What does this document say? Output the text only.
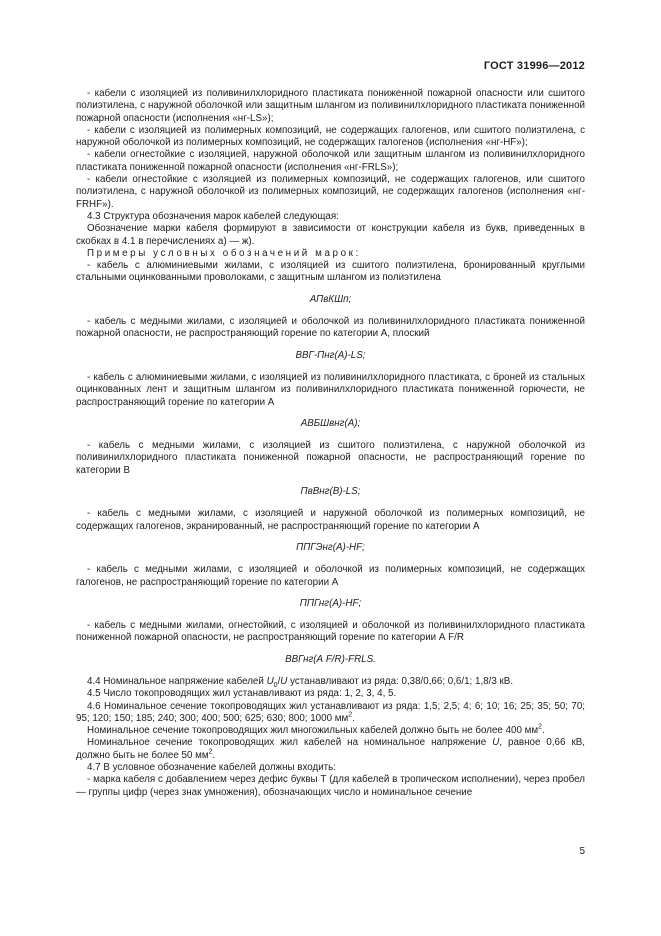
ГОСТ 31996—2012

- кабели с изоляцией из поливинилхлоридного пластиката пониженной пожарной опасности или сшитого полиэтилена, с наружной оболочкой или защитным шлангом из поливинилхлоридного пластиката пониженной пожарной опасности (исполнения «нг-LS»);

- кабели с изоляцией из полимерных композиций, не содержащих галогенов, или сшитого полиэтилена, с наружной оболочкой из полимерных композиций, не содержащих галогенов (исполнения «нг-HF»);

- кабели огнестойкие с изоляцией, наружной оболочкой или защитным шлангом из поливинилхлоридного пластиката пониженной пожарной опасности (исполнения «нг-FRLS»);

- кабели огнестойкие с изоляцией из полимерных композиций, не содержащих галогенов, или сшитого полиэтилена, с наружной оболочкой из полимерных композиций, не содержащих галогенов (исполнения «нг-FRHF»).

4.3 Структура обозначения марок кабелей следующая:

Обозначение марки кабеля формируют в зависимости от конструкции кабеля из букв, приведенных в скобках в 4.1 в перечислениях а) — ж).

Примеры условных обозначений марок:

- кабель с алюминиевыми жилами, с изоляцией из сшитого полиэтилена, бронированный круглыми стальными оцинкованными проволоками, с защитным шлангом из полиэтилена

АПвКШп;

- кабель с медными жилами, с изоляцией и оболочкой из поливинилхлоридного пластиката пониженной пожарной опасности, не распространяющий горение по категории А, плоский

ВВГ-Пнг(А)-LS;

- кабель с алюминиевыми жилами, с изоляцией из поливинилхлоридного пластиката, с броней из стальных оцинкованных лент и защитным шлангом из поливинилхлоридного пластиката пониженной горючести, не распространяющий горение по категории А

АВБШвнг(А);

- кабель с медными жилами, с изоляцией из сшитого полиэтилена, с наружной оболочкой из поливинилхлоридного пластиката пониженной пожарной опасности, не распространяющий горение по категории В

ПвВнг(В)-LS;

- кабель с медными жилами, с изоляцией и наружной оболочкой из полимерных композиций, не содержащих галогенов, экранированный, не распространяющий горение по категории А

ППГЭнг(А)-HF;

- кабель с медными жилами, с изоляцией и оболочкой из полимерных композиций, не содержащих галогенов, не распространяющий горение по категории А

ППГнг(А)-HF;

- кабель с медными жилами, огнестойкий, с изоляцией и оболочкой из поливинилхлоридного пластиката пониженной пожарной опасности, не распространяющий горение по категории А F/R

ВВГнг(А F/R)-FRLS.

4.4 Номинальное напряжение кабелей $U_0/U$ устанавливают из ряда: 0,38/0,66; 0,6/1; 1,8/3 кВ.

4.5 Число токопроводящих жил устанавливают из ряда: 1, 2, 3, 4, 5.

4.6 Номинальное сечение токопроводящих жил устанавливают из ряда: 1,5; 2,5; 4; 6; 10; 16; 25; 35; 50; 70; 95; 120; 150; 185; 240; 300; 400; 500; 625; 630; 800; 1000 $мм^2$.

Номинальное сечение токопроводящих жил многожильных кабелей должно быть не более 400 $мм^2$.

Номинальное сечение токопроводящих жил кабелей на номинальное напряжение U, равное 0,66 кВ, должно быть не более 50 $мм^2$.

4.7 В условное обозначение кабелей должны входить:

- марка кабеля с добавлением через дефис буквы Т (для кабелей в тропическом исполнении), через пробел — группы цифр (через знак умножения), обозначающих число и номинальное сечение

5
